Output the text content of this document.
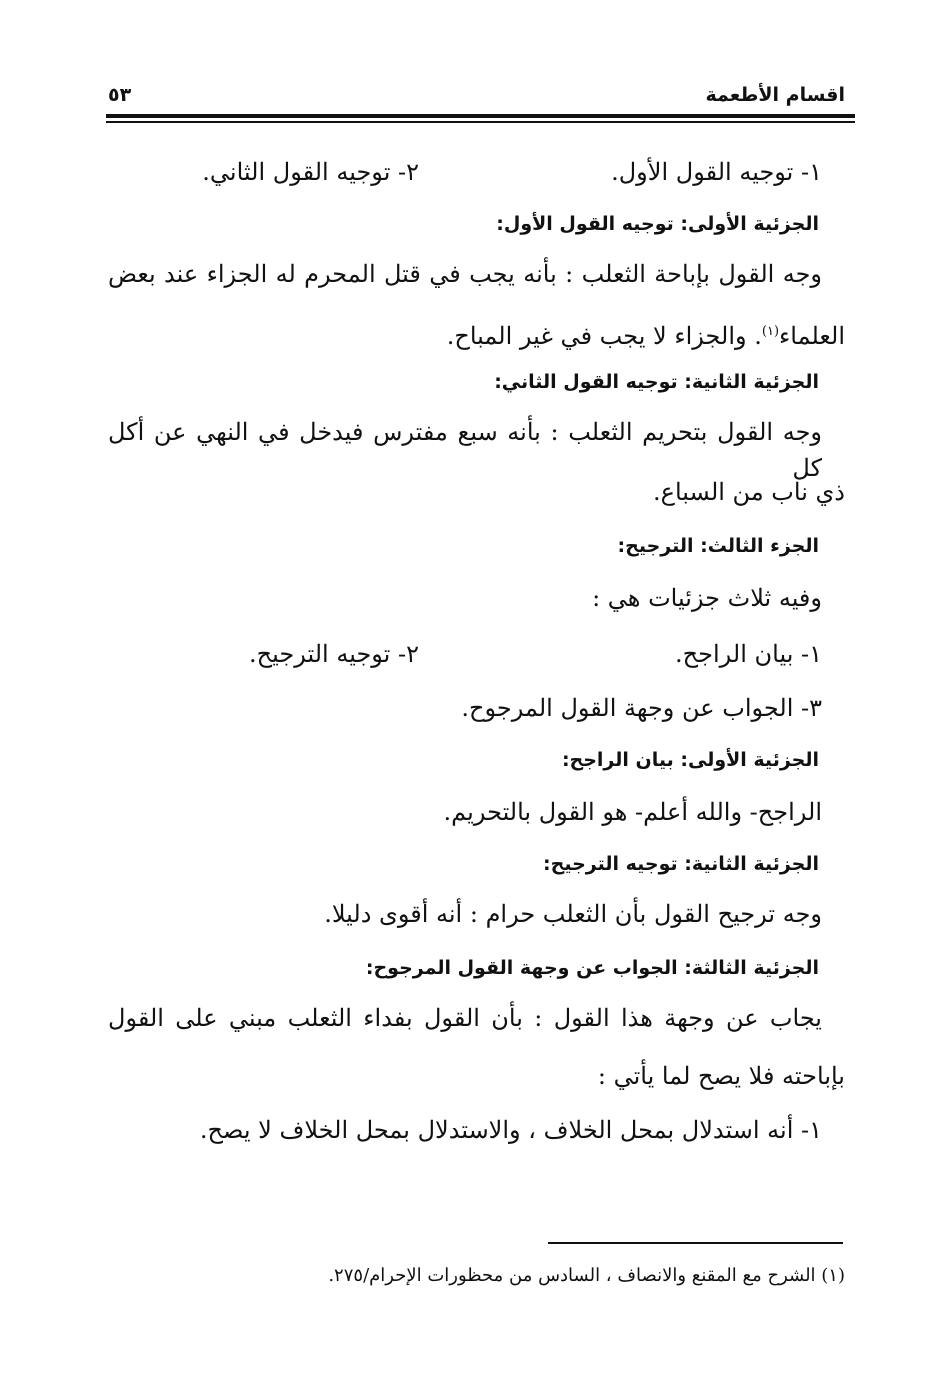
اقسام الأطعمة
٥٣
١- توجيه القول الأول.
٢- توجيه القول الثاني.
الجزئية الأولى: توجيه القول الأول:
وجه القول بإباحة الثعلب : بأنه يجب في قتل المحرم له الجزاء عند بعض
العلماء$^{(١)}$. والجزاء لا يجب في غير المباح.
الجزئية الثانية: توجيه القول الثاني:
وجه القول بتحريم الثعلب : بأنه سبع مفترس فيدخل في النهي عن أكل كل
ذي ناب من السباع.
الجزء الثالث: الترجيح:
وفيه ثلاث جزئيات هي :
١- بيان الراجح.
٢- توجيه الترجيح.
٣- الجواب عن وجهة القول المرجوح.
الجزئية الأولى: بيان الراجح:
الراجح- والله أعلم- هو القول بالتحريم.
الجزئية الثانية: توجيه الترجيح:
وجه ترجيح القول بأن الثعلب حرام : أنه أقوى دليلا.
الجزئية الثالثة: الجواب عن وجهة القول المرجوح:
يجاب عن وجهة هذا القول : بأن القول بفداء الثعلب مبني على القول
بإباحته فلا يصح لما يأتي :
١- أنه استدلال بمحل الخلاف ، والاستدلال بمحل الخلاف لا يصح.
(١) الشرح مع المقنع والانصاف ، السادس من محظورات الإحرام/٢٧٥.
